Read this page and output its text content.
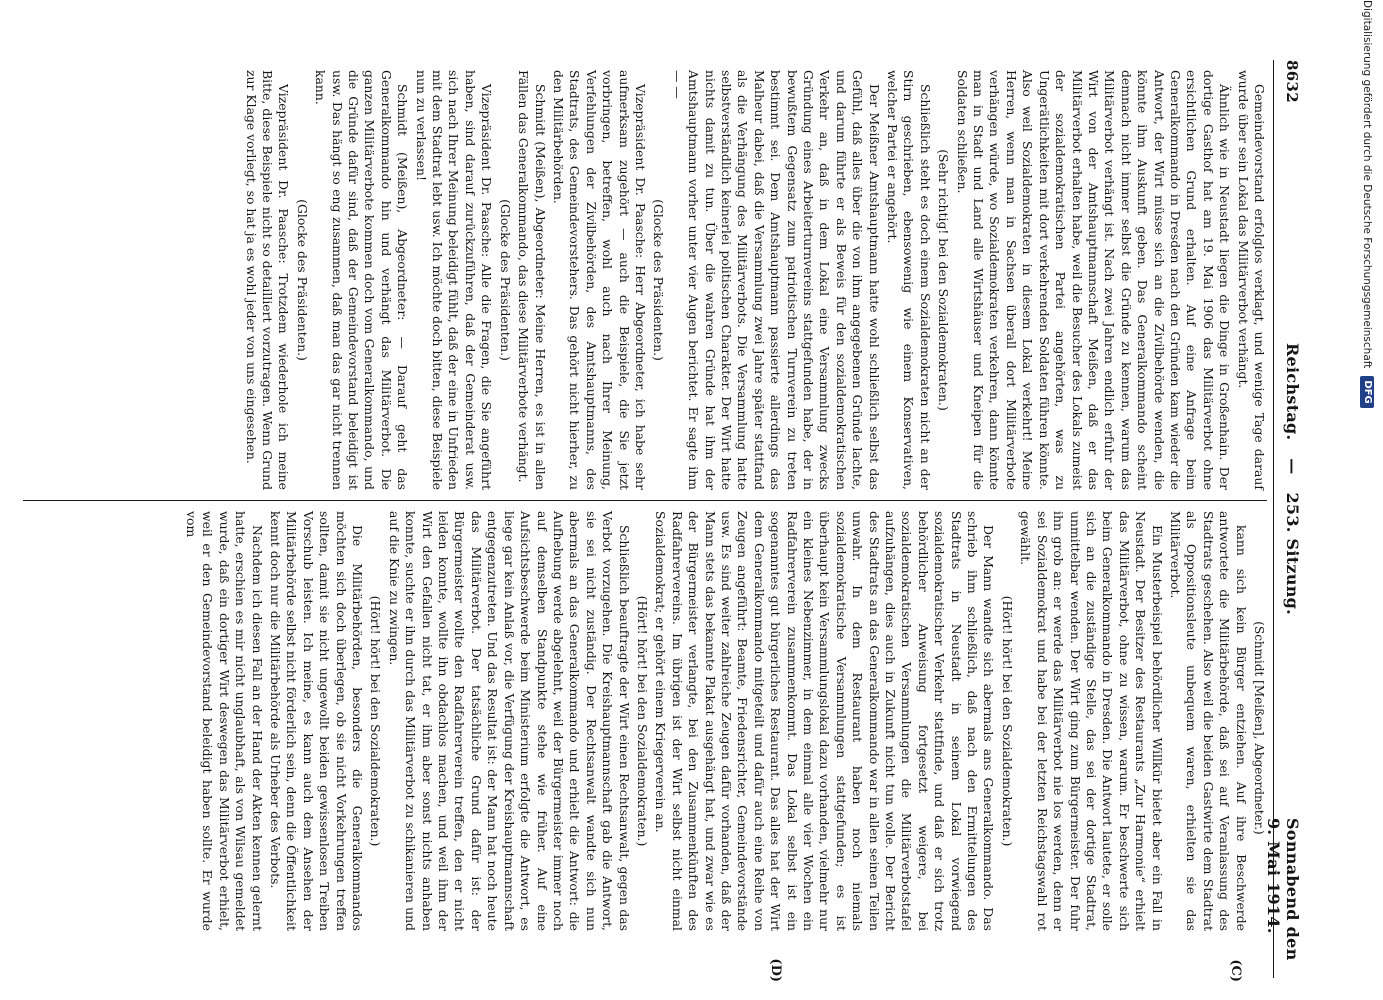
8632
Reichstag. — 253. Sitzung.
Sonnabend den 9. Mai 1914.

Gemeindevorstand erfolglos verklagt, und wenige Tage darauf wurde über sein Lokal das Militärverbot verhängt.

Ähnlich wie in Neustadt liegen die Dinge in Großenhain. Der dortige Gasthof hat am 19. Mai 1906 das Militärverbot ohne ersichtlichen Grund erhalten. Auf eine Anfrage beim Generalkommando in Dresden nach den Gründen kam wieder die Antwort, der Wirt müsse sich an die Zivilbehörde wenden, die könnte ihm Auskunft geben. Das Generalkommando scheint demnach nicht immer selbst die Gründe zu kennen, warum das Militärverbot verhängt ist. Nach zwei Jahren endlich erfuhr der Wirt von der Amtshauptmannschaft Meißen, daß er das Militärverbot erhalten habe, weil die Besucher des Lokals zumeist der sozialdemokratischen Partei angehörten, was zu Ungerätlichkeiten mit dort verkehrenden Soldaten führen könnte. Also weil Sozialdemokraten in diesem Lokal verkehrt! Meine Herren, wenn man in Sachsen überall dort Militärverbote verhängen würde, wo Sozialdemokraten verkehren, dann könnte man in Stadt und Land alle Wirtshäuser und Kneipen für die Soldaten schließen.

(Sehr richtig! bei den Sozialdemokraten.)

Schließlich steht es doch einem Sozialdemokraten nicht an der Stirn geschrieben, ebensowenig wie einem Konservativen, welcher Partei er angehört.

Der Meißner Amtshauptmann hatte wohl schließlich selbst das Gefühl, daß alles über die von ihm angegebenen Gründe lachte, und darum führte er als Beweis für den sozialdemokratischen Verkehr an, daß in dem Lokal eine Versammlung zwecks Gründung eines Arbeiterturnvereins stattgefunden habe, der in bewußtem Gegensatz zum patriotischen Turnverein zu treten bestimmt sei. Dem Amtshauptmann passierte allerdings das Malheur dabei, daß die Versammlung zwei Jahre später stattfand als die Verhängung des Militärverbots. Die Versammlung hatte selbstverständlich keinerlei politischen Charakter. Der Wirt hatte nichts damit zu tun. Über die wahren Gründe hat ihm der Amtshauptmann vorher unter vier Augen berichtet. Er sagte ihm — —

(Glocke des Präsidenten.)

Vizepräsident Dr. Paasche: Herr Abgeordneter, ich habe sehr aufmerksam zugehört — auch die Beispiele, die Sie jetzt vorbringen, betreffen, wohl auch nach Ihrer Meinung, Verfehlungen der Zivilbehörden, des Amtshauptmanns, des Stadtrats, des Gemeindevorstehers. Das gehört nicht hierher, zu den Militärbehörden.

Schmidt (Meißen), Abgeordneter: Meine Herren, es ist in allen Fällen das Generalkommando, das diese Militärverbote verhängt.

(Glocke des Präsidenten.)

Vizepräsident Dr. Paasche: Alle die Fragen, die Sie angeführt haben, sind darauf zurückzuführen, daß der Gemeinderat usw. sich nach Ihrer Meinung beleidigt fühlt, daß der eine in Unfrieden mit dem Stadtrat lebt usw. Ich möchte doch bitten, diese Beispiele nun zu verlassen!

Schmidt (Meißen), Abgeordneter: — Darauf geht das Generalkommando hin und verhängt das Militärverbot. Die ganzen Militärverbote kommen doch vom Generalkommando, und die Gründe dafür sind, daß der Gemeindevorstand beleidigt ist usw. Das hängt so eng zusammen, daß man das gar nicht trennen kann.

(Glocke des Präsidenten.)

Vizepräsident Dr. Paasche: Trotzdem wiederhole ich meine Bitte, diese Beispiele nicht so detailliert vorzutragen. Wenn Grund zur Klage vorliegt, so hat ja es wohl jeder von uns eingesehen.

(Schmidt [Meißen], Abgeordneter.)

kann sich kein Bürger entziehen. Auf ihre Beschwerde antwortete die Militärbehörde, daß sei auf Veranlassung des Stadtrats geschehen. Also weil die beiden Gastwirte dem Stadtrat als Oppositionsleute unbequem waren, erhielten sie das Militärverbot.

Ein Musterbeispiel behördlicher Willkür bietet aber ein Fall in Neustadt. Der Besitzer des Restaurants „Zur Harmonie“ erhielt das Militärverbot, ohne zu wissen, warum. Er beschwerte sich beim Generalkommando in Dresden. Die Antwort lautete, er solle sich an die zuständige Stelle, das sei der dortige Stadtrat, unmittelbar wenden. Der Wirt ging zum Bürgermeister. Der fuhr ihn grob an: er werde das Militärverbot nie los werden, denn er sei Sozialdemokrat und habe bei der letzten Reichstagswahl rot gewählt.

(Hört! hört! bei den Sozialdemokraten.)

Der Mann wandte sich abermals ans Generalkommando. Das schrieb ihm schließlich, daß nach den Ermittelungen des Stadtrats in Neustadt in seinem Lokal vorwiegend sozialdemokratischer Verkehr stattfinde, und daß er sich trotz behördlicher Anweisung fortgesetzt weigere, bei sozialdemokratischen Versammlungen die Militärverbotstafel aufzuhängen, dies auch in Zukunft nicht tun wolle. Der Bericht des Stadtrats an das Generalkommando war in allen seinen Teilen unwahr. In dem Restaurant haben noch niemals sozialdemokratische Versammlungen stattgefunden; es ist überhaupt kein Versammlungslokal dazu vorhanden, vielmehr nur ein kleines Nebenzimmer, in dem einmal alle vier Wochen ein Radfahrerverein zusammenkommt. Das Lokal selbst ist ein sogenanntes gut bürgerliches Restaurant. Das alles hat der Wirt dem Generalkommando mitgeteilt und dafür auch eine Reihe von Zeugen angeführt: Beamte, Friedensrichter, Gemeindevorstände usw. Es sind weiter zahlreiche Zeugen dafür vorhanden, daß der Mann stets das bekannte Plakat ausgehängt hat, und zwar wie es der Bürgermeister verlangte, bei den Zusammenkünften des Radfahrervereins. Im übrigen ist der Wirt selbst nicht einmal Sozialdemokrat; er gehört einem Kriegerverein an.

(Hört! hört! bei den Sozialdemokraten.)

Schließlich beauftragte der Wirt einen Rechtsanwalt, gegen das Verbot vorzugehen. Die Kreishauptmannschaft gab die Antwort, sie sei nicht zuständig. Der Rechtsanwalt wandte sich nun abermals an das Generalkommando und erhielt die Antwort: die Aufhebung werde abgelehnt, weil der Bürgermeister immer noch auf demselben Standpunkte stehe wie früher. Auf eine Aufsichtsbeschwerde beim Ministerium erfolgte die Antwort, es liege gar kein Anlaß vor, die Verfügung der Kreishauptmannschaft entgegenzutreten. Und das Resultat ist: der Mann hat noch heute das Militärverbot. Der tatsächliche Grund dafür ist: der Bürgermeister wollte den Radfahrerverein treffen, den er nicht leiden konnte, wollte ihn obdachlos machen, und weil ihm der Wirt den Gefallen nicht tat, er ihm aber sonst nichts anhaben konnte, suchte er ihn durch das Militärverbot zu schikanieren und auf die Knie zu zwingen.

(Hört! hört! bei den Sozialdemokraten.)

Die Militärbehörden, besonders die Generalkommandos möchten sich doch überlegen, ob sie nicht Vorkehrungen treffen sollten, damit sie nicht ungewollt beiden gewissenlosen Treiben Vorschub leisten. Ich meine, es kann auch dem Ansehen der Militärbehörde selbst nicht förderlich sein, denn die Öffentlichkeit kennt doch nur die Militärbehörde als Urheber des Verbots.

Nachdem ich diesen Fall an der Hand der Akten kennen gelernt hatte, erschien es mir nicht unglaubhaft, als von Wilsau gemeldet wurde, daß ein dortiger Wirt deswegen das Militärverbot erhielt, weil er den Gemeindevorstand beleidigt haben sollte. Er wurde vom

(C)
(D)
Digitalisierung gefördert durch die Deutsche Forschungsgemeinschaft
DFG
